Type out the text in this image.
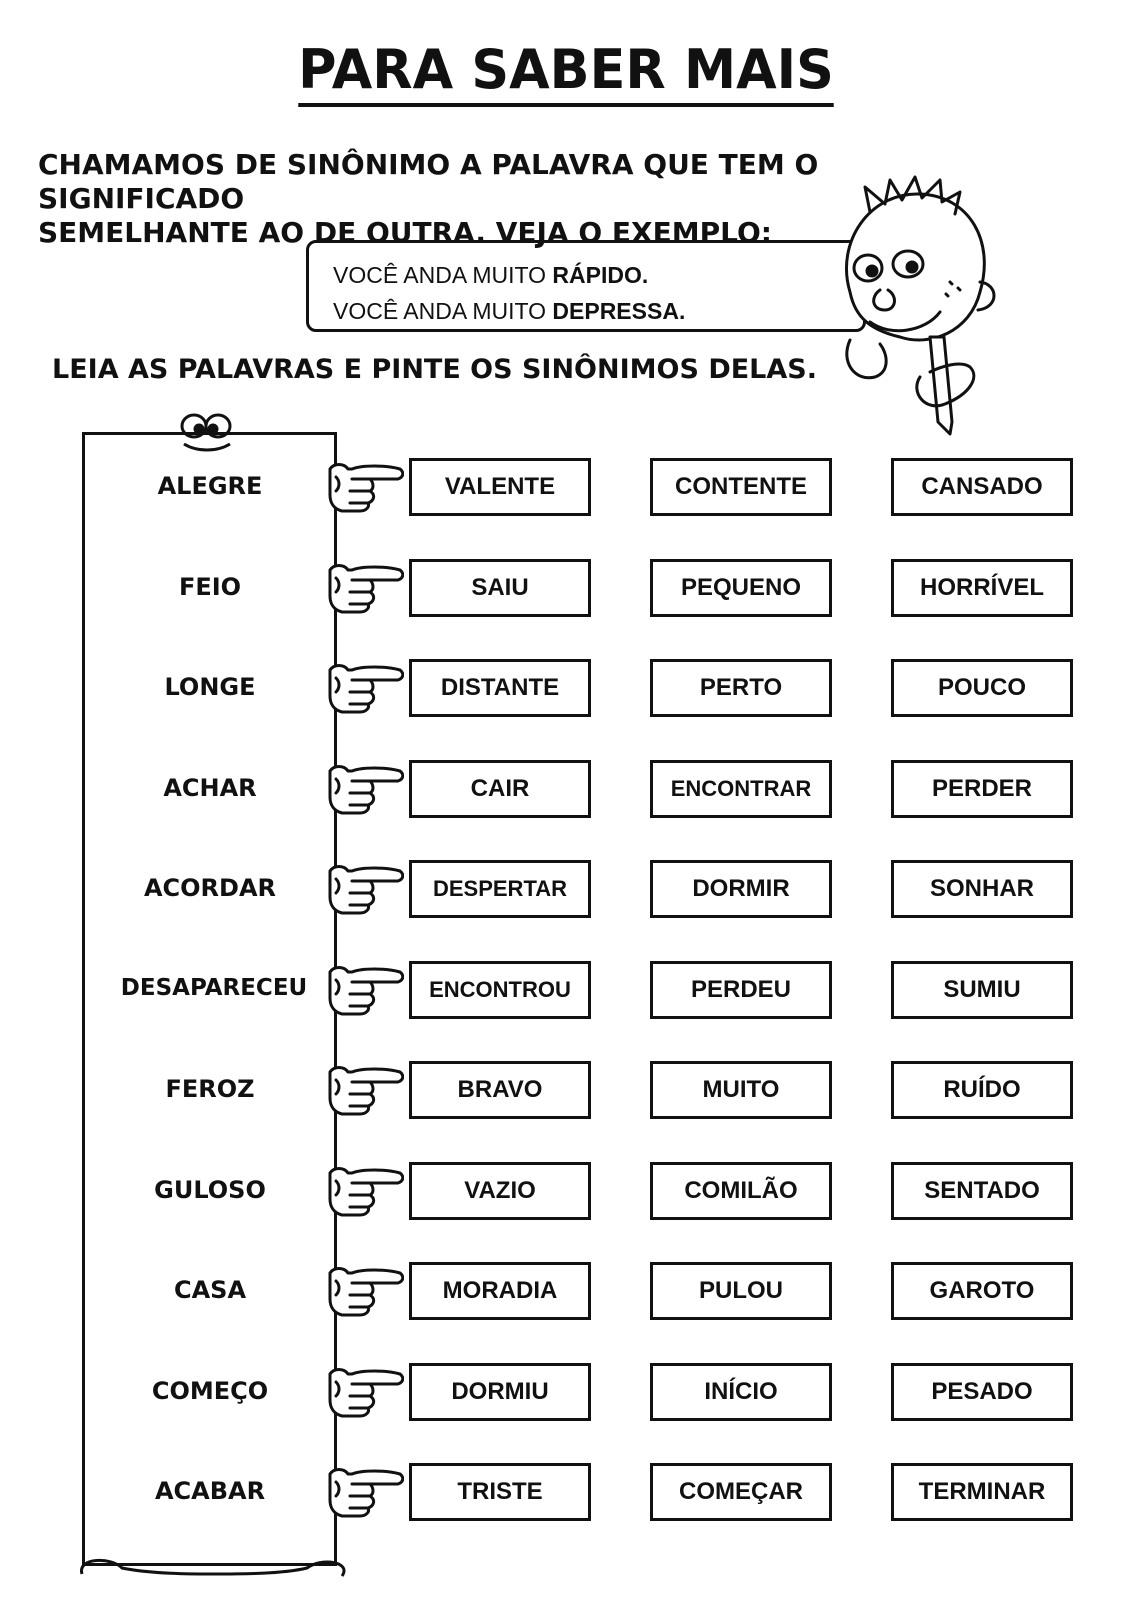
PARA SABER MAIS
CHAMAMOS DE SINÔNIMO A PALAVRA QUE TEM O SIGNIFICADO
SEMELHANTE AO DE OUTRA. VEJA O EXEMPLO:
VOCÊ ANDA MUITO RÁPIDO.
VOCÊ ANDA MUITO DEPRESSA.
LEIA AS PALAVRAS E PINTE OS SINÔNIMOS DELAS.
ALEGRE	VALENTE	CONTENTE	CANSADO
FEIO	SAIU	PEQUENO	HORRÍVEL
LONGE	DISTANTE	PERTO	POUCO
ACHAR	CAIR	ENCONTRAR	PERDER
ACORDAR	DESPERTAR	DORMIR	SONHAR
DESAPARECEU	ENCONTROU	PERDEU	SUMIU
FEROZ	BRAVO	MUITO	RUÍDO
GULOSO	VAZIO	COMILÃO	SENTADO
CASA	MORADIA	PULOU	GAROTO
COMEÇO	DORMIU	INÍCIO	PESADO
ACABAR	TRISTE	COMEÇAR	TERMINAR
